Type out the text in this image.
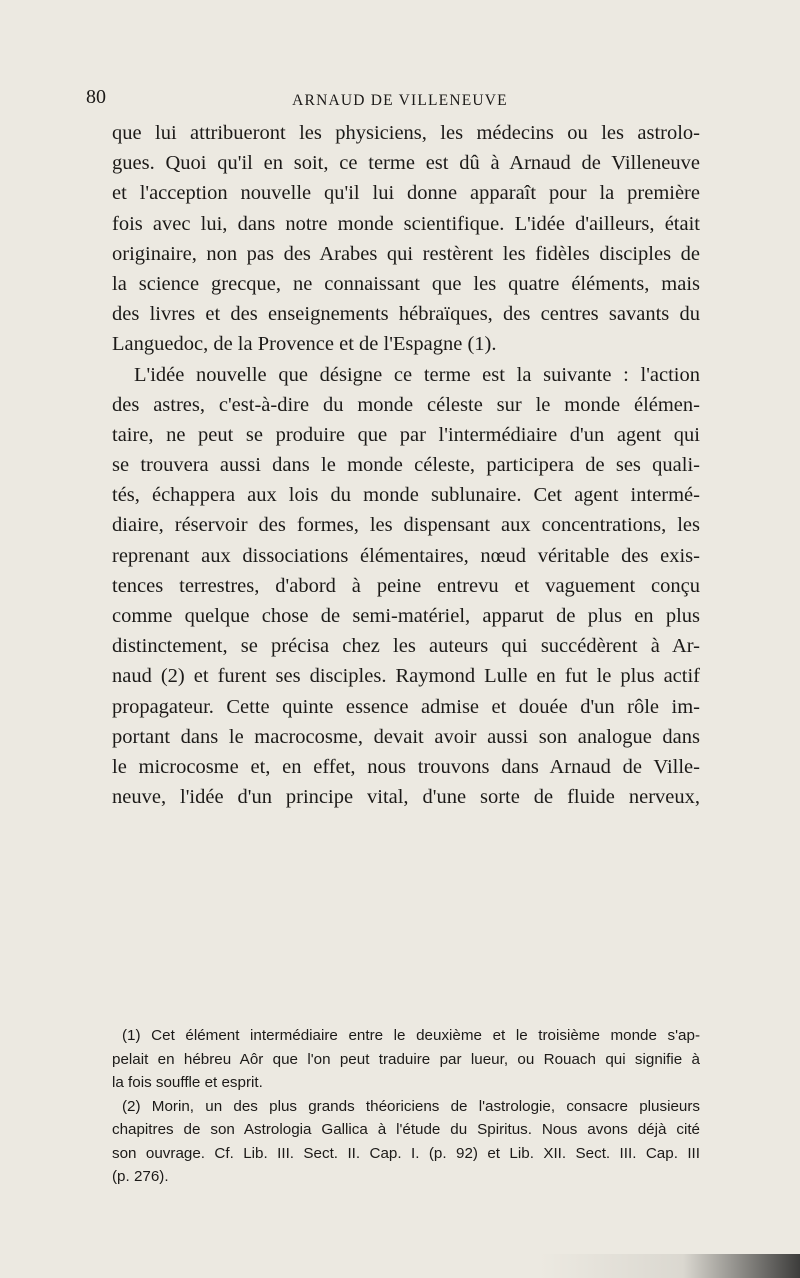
80	ARNAUD DE VILLENEUVE
que lui attribueront les physiciens, les médecins ou les astrolo-
gues. Quoi qu'il en soit, ce terme est dû à Arnaud de Villeneuve
et l'acception nouvelle qu'il lui donne apparaît pour la première
fois avec lui, dans notre monde scientifique. L'idée d'ailleurs, était
originaire, non pas des Arabes qui restèrent les fidèles disciples de
la science grecque, ne connaissant que les quatre éléments, mais
des livres et des enseignements hébraïques, des centres savants du
Languedoc, de la Provence et de l'Espagne (1).
L'idée nouvelle que désigne ce terme est la suivante : l'action
des astres, c'est-à-dire du monde céleste sur le monde élémen-
taire, ne peut se produire que par l'intermédiaire d'un agent qui
se trouvera aussi dans le monde céleste, participera de ses quali-
tés, échappera aux lois du monde sublunaire. Cet agent intermé-
diaire, réservoir des formes, les dispensant aux concentrations, les
reprenant aux dissociations élémentaires, nœud véritable des exis-
tences terrestres, d'abord à peine entrevu et vaguement conçu
comme quelque chose de semi-matériel, apparut de plus en plus
distinctement, se précisa chez les auteurs qui succédèrent à Ar-
naud (2) et furent ses disciples. Raymond Lulle en fut le plus actif
propagateur. Cette quinte essence admise et douée d'un rôle im-
portant dans le macrocosme, devait avoir aussi son analogue dans
le microcosme et, en effet, nous trouvons dans Arnaud de Ville-
neuve, l'idée d'un principe vital, d'une sorte de fluide nerveux,
(1) Cet élément intermédiaire entre le deuxième et le troisième monde s'ap-
pelait en hébreu Aôr que l'on peut traduire par lueur, ou Rouach qui signifie à
la fois souffle et esprit.
(2) Morin, un des plus grands théoriciens de l'astrologie, consacre plusieurs
chapitres de son Astrologia Gallica à l'étude du Spiritus. Nous avons déjà cité
son ouvrage. Cf. Lib. III. Sect. II. Cap. I. (p. 92) et Lib. XII. Sect. III. Cap. III
(p. 276).
